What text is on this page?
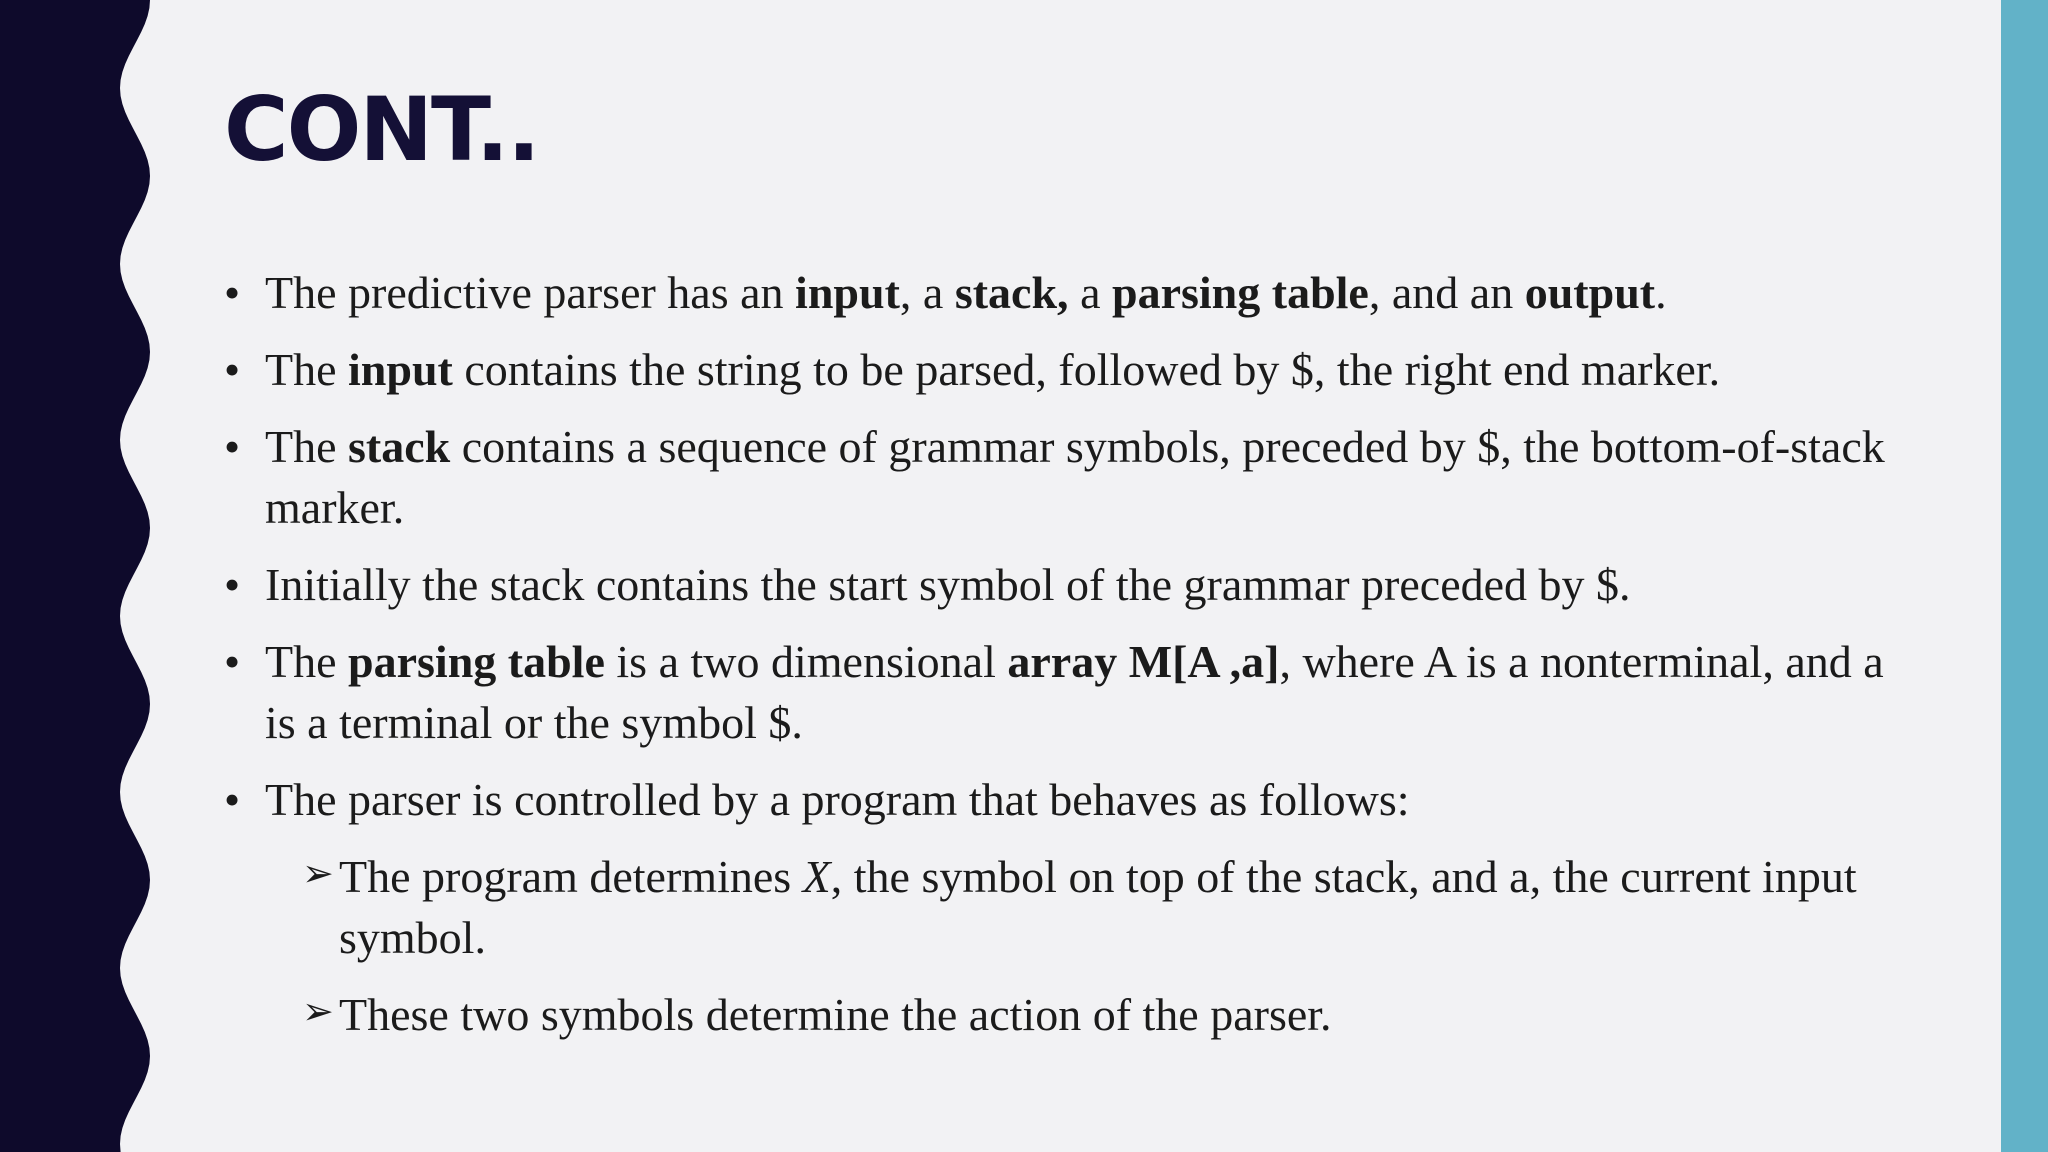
CONT..
• The predictive parser has an input, a stack, a parsing table, and an output.
• The input contains the string to be parsed, followed by $, the right end marker.
• The stack contains a sequence of grammar symbols, preceded by $, the bottom-of-stack marker.
• Initially the stack contains the start symbol of the grammar preceded by $.
• The parsing table is a two dimensional array M[A ,a], where A is a nonterminal, and a is a terminal or the symbol $.
• The parser is controlled by a program that behaves as follows:
➢ The program determines X, the symbol on top of the stack, and a, the current input symbol.
➢ These two symbols determine the action of the parser.
